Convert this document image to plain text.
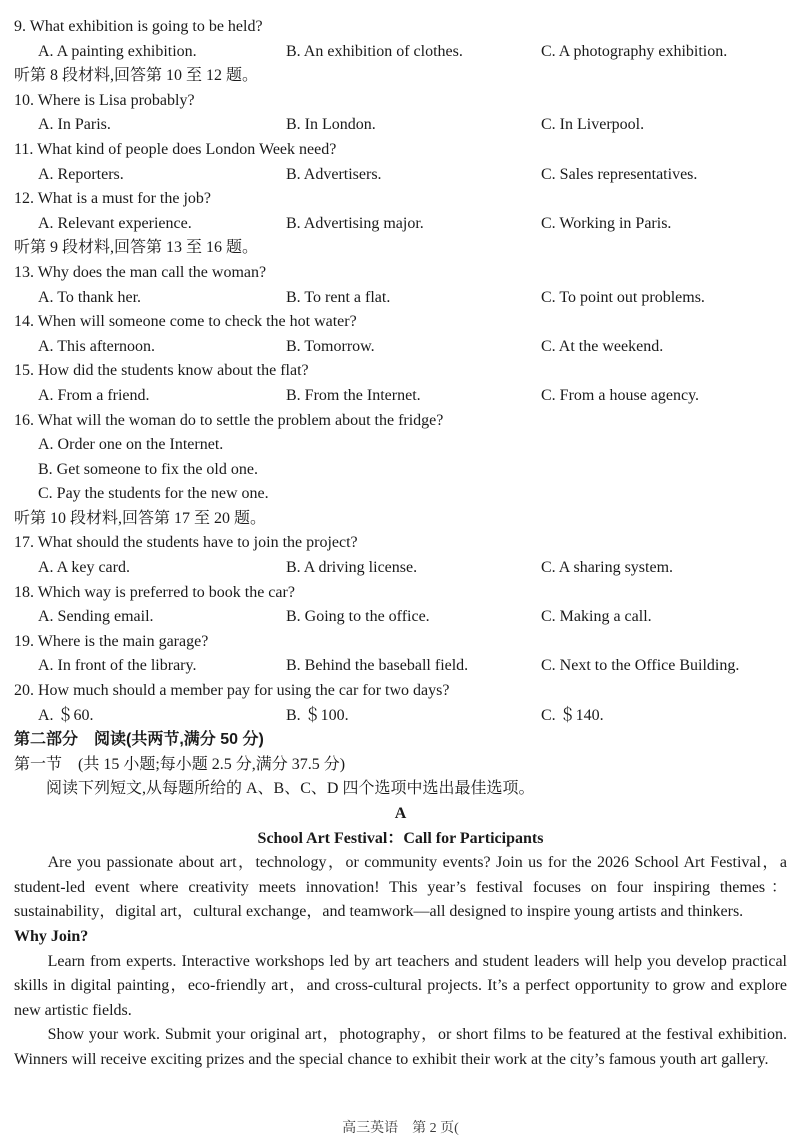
9. What exhibition is going to be held?
A. A painting exhibition.	B. An exhibition of clothes.	C. A photography exhibition.
听第 8 段材料,回答第 10 至 12 题。
10. Where is Lisa probably?
A. In Paris.	B. In London.	C. In Liverpool.
11. What kind of people does London Week need?
A. Reporters.	B. Advertisers.	C. Sales representatives.
12. What is a must for the job?
A. Relevant experience.	B. Advertising major.	C. Working in Paris.
听第 9 段材料,回答第 13 至 16 题。
13. Why does the man call the woman?
A. To thank her.	B. To rent a flat.	C. To point out problems.
14. When will someone come to check the hot water?
A. This afternoon.	B. Tomorrow.	C. At the weekend.
15. How did the students know about the flat?
A. From a friend.	B. From the Internet.	C. From a house agency.
16. What will the woman do to settle the problem about the fridge?
A. Order one on the Internet.
B. Get someone to fix the old one.
C. Pay the students for the new one.
听第 10 段材料,回答第 17 至 20 题。
17. What should the students have to join the project?
A. A key card.	B. A driving license.	C. A sharing system.
18. Which way is preferred to book the car?
A. Sending email.	B. Going to the office.	C. Making a call.
19. Where is the main garage?
A. In front of the library.	B. Behind the baseball field.	C. Next to the Office Building.
20. How much should a member pay for using the car for two days?
A. ＄60.	B. ＄100.	C. ＄140.
第二部分　阅读(共两节,满分 50 分)
第一节　(共 15 小题;每小题 2.5 分,满分 37.5 分)
阅读下列短文,从每题所给的 A、B、C、D 四个选项中选出最佳选项。
A
School Art Festival：Call for Participants
Are you passionate about art，technology，or community events? Join us for the 2026 School Art Festival，a student-led event where creativity meets innovation! This year’s festival focuses on four inspiring themes：sustainability，digital art，cultural exchange，and teamwork—all designed to inspire young artists and thinkers.
Why Join?
Learn from experts. Interactive workshops led by art teachers and student leaders will help you develop practical skills in digital painting，eco-friendly art，and cross-cultural projects. It’s a perfect opportunity to grow and explore new artistic fields.
Show your work. Submit your original art，photography，or short films to be featured at the festival exhibition. Winners will receive exciting prizes and the special chance to exhibit their work at the city’s famous youth art gallery.
高三英语　第 2 页(
